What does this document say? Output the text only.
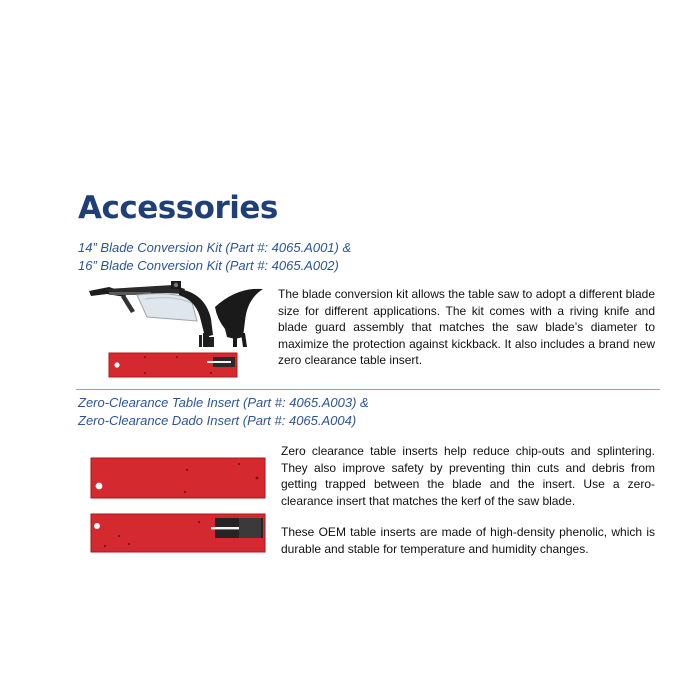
Accessories
14” Blade Conversion Kit (Part #: 4065.A001) &
16” Blade Conversion Kit (Part #: 4065.A002)

The blade conversion kit allows the table saw to adopt a different blade size for different applications. The kit comes with a riving knife and blade guard assembly that matches the saw blade’s diameter to maximize the protection against kickback. It also includes a brand new zero clearance table insert.

Zero-Clearance Table Insert (Part #: 4065.A003) &
Zero-Clearance Dado Insert (Part #: 4065.A004)

Zero clearance table inserts help reduce chip-outs and splintering. They also improve safety by preventing thin cuts and debris from getting trapped between the blade and the insert. Use a zero-clearance insert that matches the kerf of the saw blade.

These OEM table inserts are made of high-density phenolic, which is durable and stable for temperature and humidity changes.
